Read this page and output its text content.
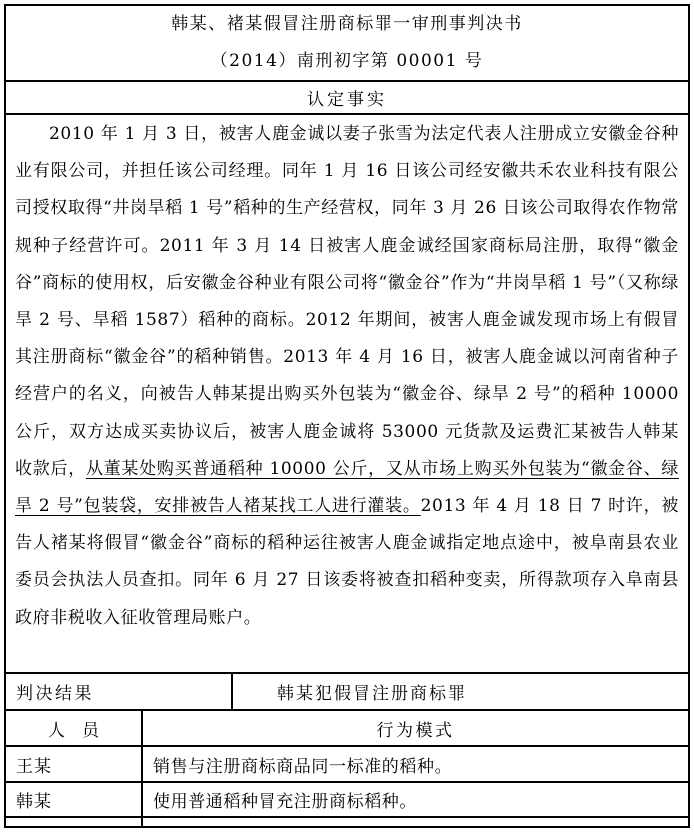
韩某、褚某假冒注册商标罪一审刑事判决书
（2014）南刑初字第 00001 号
认定事实

2010 年 1 月 3 日，被害人鹿金诚以妻子张雪为法定代表人注册成立安徽金谷种业有限公司，并担任该公司经理。同年 1 月 16 日该公司经安徽共禾农业科技有限公司授权取得“井岗旱稻 1 号”稻种的生产经营权，同年 3 月 26 日该公司取得农作物常规种子经营许可。2011 年 3 月 14 日被害人鹿金诚经国家商标局注册，取得“徽金谷”商标的使用权，后安徽金谷种业有限公司将“徽金谷”作为“井岗旱稻 1 号”（又称绿旱 2 号、旱稻 1587）稻种的商标。2012 年期间，被害人鹿金诚发现市场上有假冒其注册商标“徽金谷”的稻种销售。2013 年 4 月 16 日，被害人鹿金诚以河南省种子经营户的名义，向被告人韩某提出购买外包装为“徽金谷、绿旱 2 号”的稻种 10000 公斤，双方达成买卖协议后，被害人鹿金诚将 53000 元货款及运费汇某被告人韩某收款后，从董某处购买普通稻种 10000 公斤，又从市场上购买外包装为“徽金谷、绿旱 2 号”包装袋，安排被告人褚某找工人进行灌装。2013 年 4 月 18 日 7 时许，被告人褚某将假冒“徽金谷”商标的稻种运往被害人鹿金诚指定地点途中，被阜南县农业委员会执法人员查扣。同年 6 月 27 日该委将被查扣稻种变卖，所得款项存入阜南县政府非税收入征收管理局账户。

判决结果	韩某犯假冒注册商标罪
人　员	行为模式
王某	销售与注册商标商品同一标准的稻种。
韩某	使用普通稻种冒充注册商标稻种。
